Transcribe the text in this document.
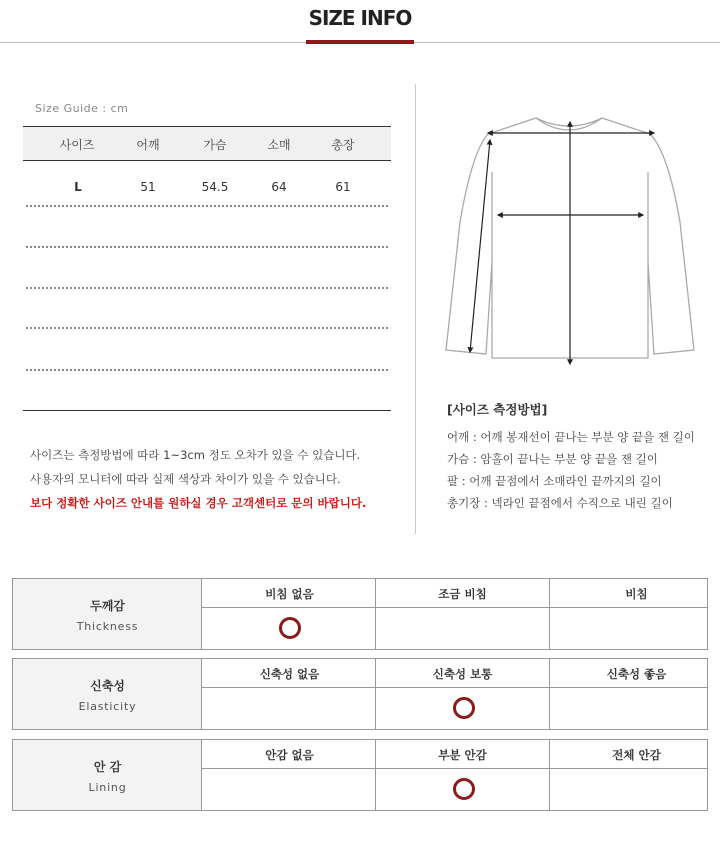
SIZE INFO
Size Guide : cm
사이즈	어깨	가슴	소매	총장
L	51	54.5	64	61
사이즈는 측정방법에 따라 1~3cm 정도 오차가 있을 수 있습니다.
사용자의 모니터에 따라 실제 색상과 차이가 있을 수 있습니다.
보다 정확한 사이즈 안내를 원하실 경우 고객센터로 문의 바랍니다.
[사이즈 측정방법]
어깨 : 어깨 봉재선이 끝나는 부분 양 끝을 잰 길이
가슴 : 암홀이 끝나는 부분 양 끝을 잰 길이
팔 : 어깨 끝점에서 소매라인 끝까지의 길이
총기장 : 넥라인 끝점에서 수직으로 내린 길이
두께감
Thickness
비침 없음	조금 비침	비침
신축성
Elasticity
신축성 없음	신축성 보통	신축성 좋음
안 감
Lining
안감 없음	부분 안감	전체 안감
